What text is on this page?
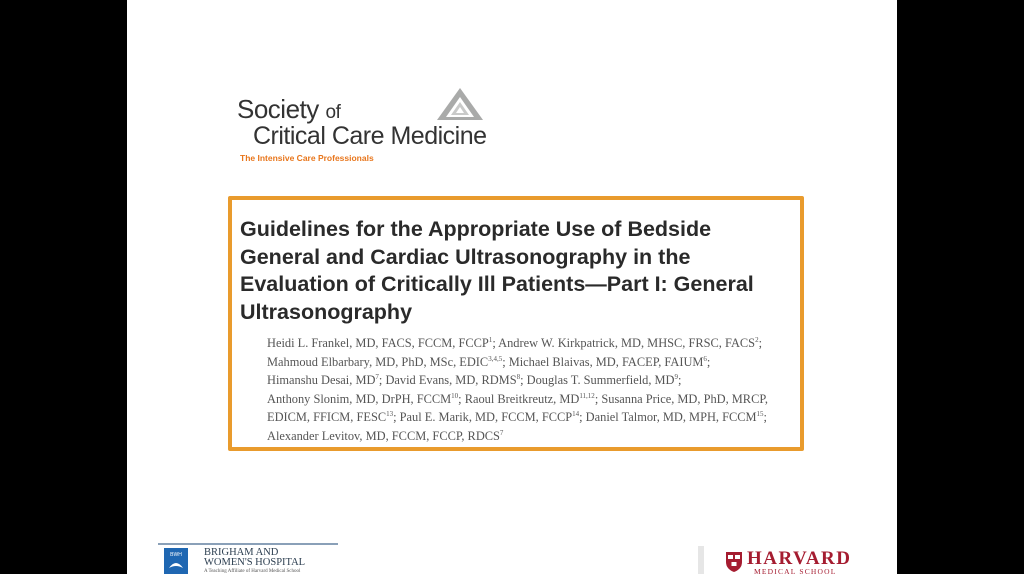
Society of
Critical Care Medicine
The Intensive Care Professionals
Guidelines for the Appropriate Use of Bedside General and Cardiac Ultrasonography in the Evaluation of Critically Ill Patients—Part I: General Ultrasonography

Heidi L. Frankel, MD, FACS, FCCM, FCCP$^1$; Andrew W. Kirkpatrick, MD, MHSC, FRSC, FACS$^2$;
Mahmoud Elbarbary, MD, PhD, MSc, EDIC$^{3,4,5}$; Michael Blaivas, MD, FACEP, FAIUM$^6$;
Himanshu Desai, $MD^7$; David Evans, MD, RDMS$^8$; Douglas T. Summerfield, $MD^9$;
Anthony Slonim, MD, DrPH, FCCM$^{10}$; Raoul Breitkreutz, MD$^{11,12}$; Susanna Price, MD, PhD, MRCP,
EDICM, FFICM, FESC$^{13}$; Paul E. Marik, MD, FCCM, FCCP$^{14}$; Daniel Talmor, MD, MPH, FCCM$^{15}$;
Alexander Levitov, MD, FCCM, FCCP, RDCS$^7$

BWH BRIGHAM AND
WOMEN'S HOSPITAL
A Teaching Affiliate of Harvard Medical School
HARVARD
MEDICAL SCHOOL
